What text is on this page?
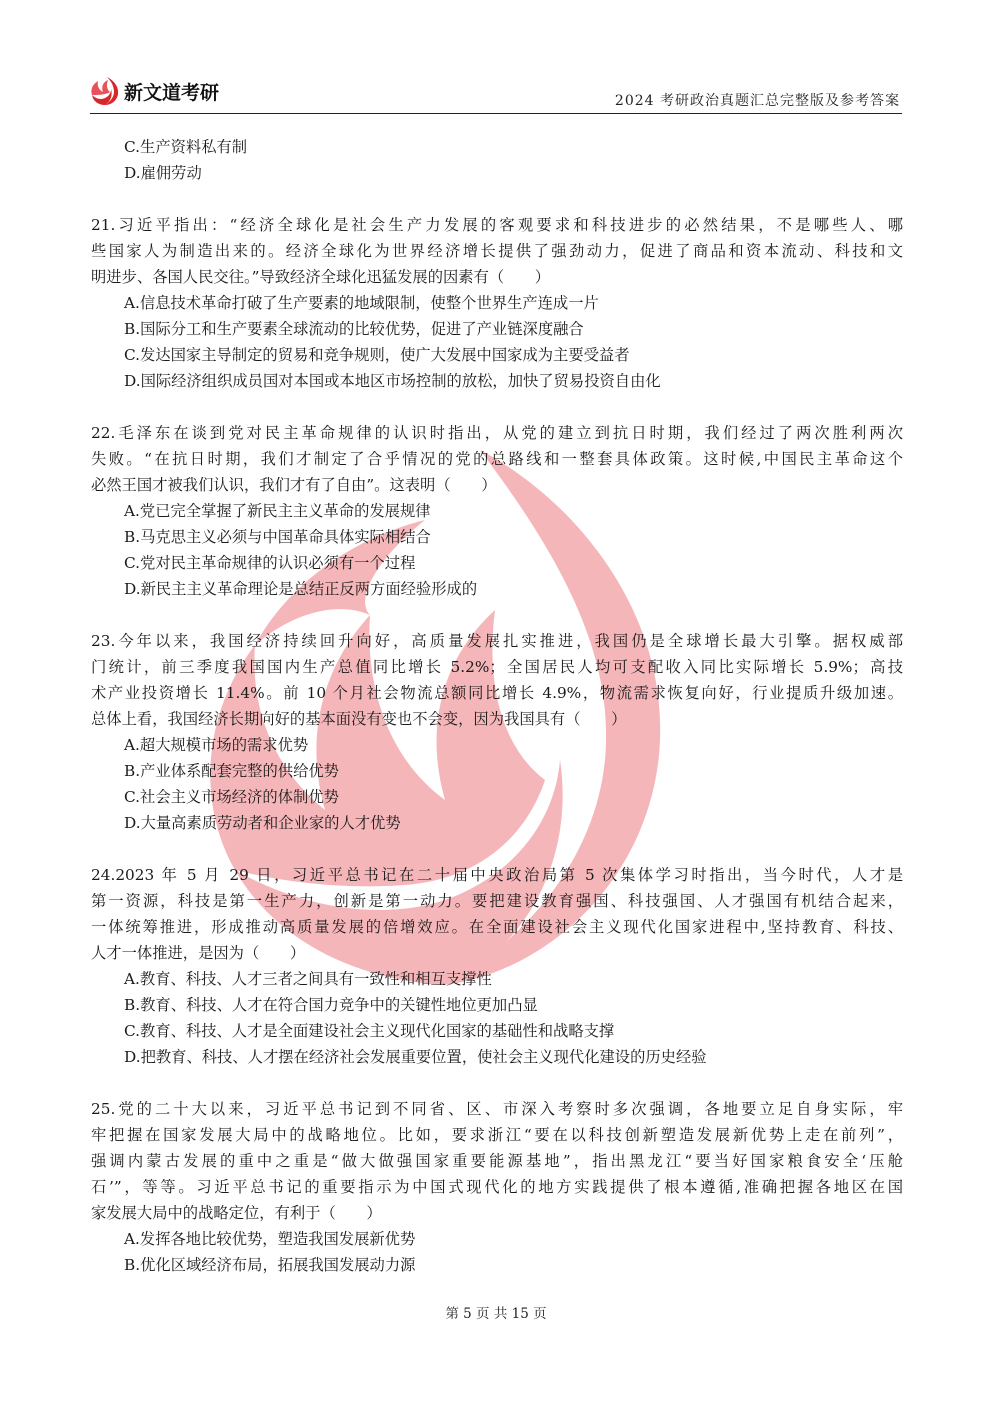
新文道考研	2024 考研政治真题汇总完整版及参考答案
C.生产资料私有制
D.雇佣劳动
21.习近平指出：“经济全球化是社会生产力发展的客观要求和科技进步的必然结果，不是哪些人、哪
些国家人为制造出来的。经济全球化为世界经济增长提供了强劲动力，促进了商品和资本流动、科技和文
明进步、各国人民交往。”导致经济全球化迅猛发展的因素有（　　）
A.信息技术革命打破了生产要素的地域限制，使整个世界生产连成一片
B.国际分工和生产要素全球流动的比较优势，促进了产业链深度融合
C.发达国家主导制定的贸易和竞争规则，使广大发展中国家成为主要受益者
D.国际经济组织成员国对本国或本地区市场控制的放松，加快了贸易投资自由化
22.毛泽东在谈到党对民主革命规律的认识时指出，从党的建立到抗日时期，我们经过了两次胜利两次
失败。“在抗日时期，我们才制定了合乎情况的党的总路线和一整套具体政策。这时候,中国民主革命这个
必然王国才被我们认识，我们才有了自由”。这表明（　　）
A.党已完全掌握了新民主主义革命的发展规律
B.马克思主义必须与中国革命具体实际相结合
C.党对民主革命规律的认识必须有一个过程
D.新民主主义革命理论是总结正反两方面经验形成的
23.今年以来，我国经济持续回升向好，高质量发展扎实推进，我国仍是全球增长最大引擎。据权威部
门统计，前三季度我国国内生产总值同比增长 5.2%；全国居民人均可支配收入同比实际增长 5.9%；高技
术产业投资增长 11.4%。前 10 个月社会物流总额同比增长 4.9%，物流需求恢复向好，行业提质升级加速。
总体上看，我国经济长期向好的基本面没有变也不会变，因为我国具有（　　）
A.超大规模市场的需求优势
B.产业体系配套完整的供给优势
C.社会主义市场经济的体制优势
D.大量高素质劳动者和企业家的人才优势
24.2023 年 5 月 29 日，习近平总书记在二十届中央政治局第 5 次集体学习时指出，当今时代，人才是
第一资源，科技是第一生产力，创新是第一动力。要把建设教育强国、科技强国、人才强国有机结合起来，
一体统筹推进，形成推动高质量发展的倍增效应。在全面建设社会主义现代化国家进程中,坚持教育、科技、
人才一体推进，是因为（　　）
A.教育、科技、人才三者之间具有一致性和相互支撑性
B.教育、科技、人才在符合国力竞争中的关键性地位更加凸显
C.教育、科技、人才是全面建设社会主义现代化国家的基础性和战略支撑
D.把教育、科技、人才摆在经济社会发展重要位置，使社会主义现代化建设的历史经验
25.党的二十大以来，习近平总书记到不同省、区、市深入考察时多次强调，各地要立足自身实际，牢
牢把握在国家发展大局中的战略地位。比如，要求浙江“要在以科技创新塑造发展新优势上走在前列”，
强调内蒙古发展的重中之重是“做大做强国家重要能源基地”，指出黑龙江“要当好国家粮食安全‘压舱
石’”，等等。习近平总书记的重要指示为中国式现代化的地方实践提供了根本遵循,准确把握各地区在国
家发展大局中的战略定位，有利于（　　）
A.发挥各地比较优势，塑造我国发展新优势
B.优化区域经济布局，拓展我国发展动力源
第 5 页 共 15 页
